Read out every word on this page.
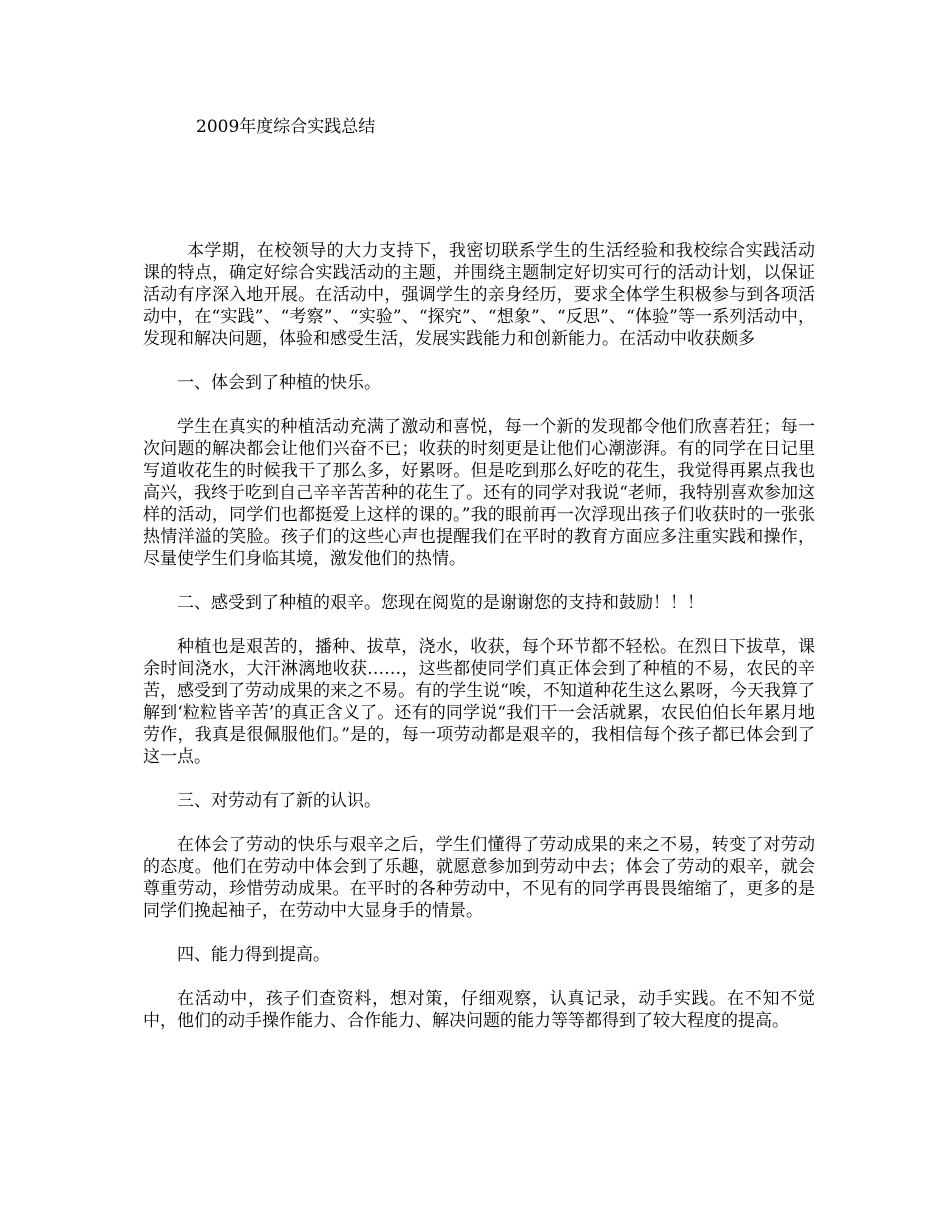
2009年度综合实践总结

本学期，在校领导的大力支持下，我密切联系学生的生活经验和我校综合实践活动课的特点，确定好综合实践活动的主题，并围绕主题制定好切实可行的活动计划，以保证活动有序深入地开展。在活动中，强调学生的亲身经历，要求全体学生积极参与到各项活动中，在“实践”、“考察”、“实验”、“探究”、“想象”、“反思”、“体验”等一系列活动中，发现和解决问题，体验和感受生活，发展实践能力和创新能力。在活动中收获颇多

一、体会到了种植的快乐。

学生在真实的种植活动充满了激动和喜悦，每一个新的发现都令他们欣喜若狂；每一次问题的解决都会让他们兴奋不已；收获的时刻更是让他们心潮澎湃。有的同学在日记里写道收花生的时候我干了那么多，好累呀。但是吃到那么好吃的花生，我觉得再累点我也高兴，我终于吃到自己辛辛苦苦种的花生了。还有的同学对我说“老师，我特别喜欢参加这样的活动，同学们也都挺爱上这样的课的。”我的眼前再一次浮现出孩子们收获时的一张张热情洋溢的笑脸。孩子们的这些心声也提醒我们在平时的教育方面应多注重实践和操作，尽量使学生们身临其境，激发他们的热情。

二、感受到了种植的艰辛。您现在阅览的是谢谢您的支持和鼓励！！！

种植也是艰苦的，播种、拔草，浇水，收获，每个环节都不轻松。在烈日下拔草，课余时间浇水，大汗淋漓地收获……，这些都使同学们真正体会到了种植的不易，农民的辛苦，感受到了劳动成果的来之不易。有的学生说“唉，不知道种花生这么累呀，今天我算了解到‘粒粒皆辛苦’的真正含义了。还有的同学说“我们干一会活就累，农民伯伯长年累月地劳作，我真是很佩服他们。”是的，每一项劳动都是艰辛的，我相信每个孩子都已体会到了这一点。

三、对劳动有了新的认识。

在体会了劳动的快乐与艰辛之后，学生们懂得了劳动成果的来之不易，转变了对劳动的态度。他们在劳动中体会到了乐趣，就愿意参加到劳动中去；体会了劳动的艰辛，就会尊重劳动，珍惜劳动成果。在平时的各种劳动中，不见有的同学再畏畏缩缩了，更多的是同学们挽起袖子，在劳动中大显身手的情景。

四、能力得到提高。

在活动中，孩子们查资料，想对策，仔细观察，认真记录，动手实践。在不知不觉中，他们的动手操作能力、合作能力、解决问题的能力等等都得到了较大程度的提高。
